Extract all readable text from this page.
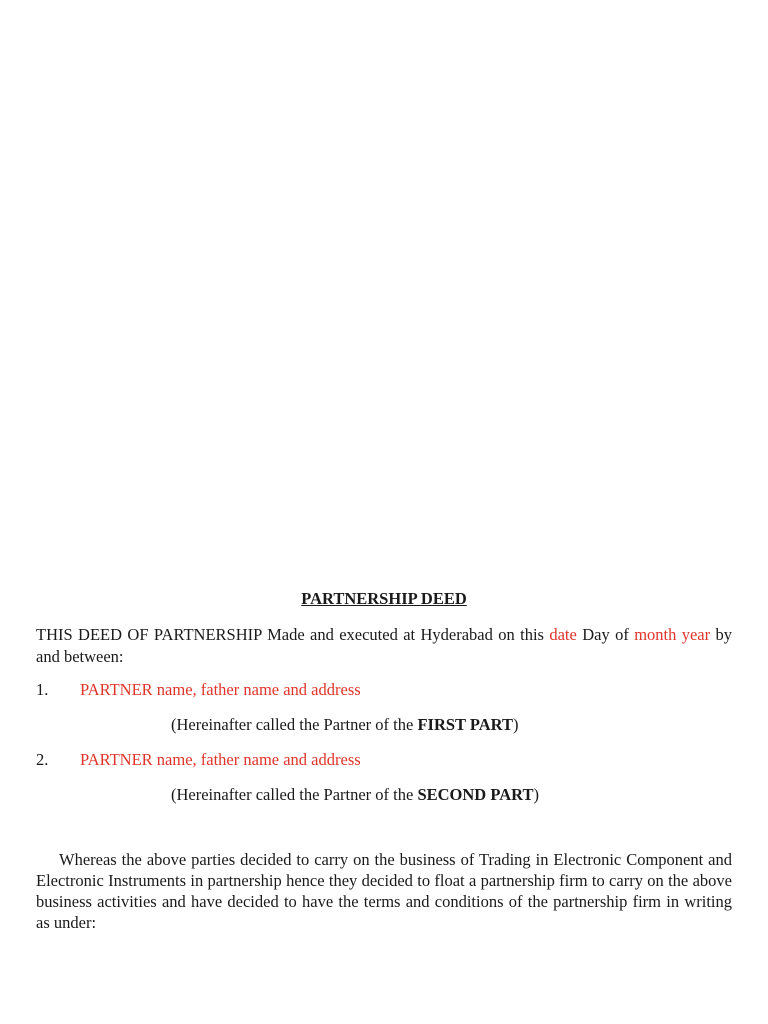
PARTNERSHIP DEED
THIS DEED OF PARTNERSHIP Made and executed at Hyderabad on this date Day of month year by and between:
1. PARTNER name, father name and address
(Hereinafter called the Partner of the FIRST PART)
2. PARTNER name, father name and address
(Hereinafter called the Partner of the SECOND PART)
Whereas the above parties decided to carry on the business of Trading in Electronic Component and Electronic Instruments in partnership hence they decided to float a partnership firm to carry on the above business activities and have decided to have the terms and conditions of the partnership firm in writing as under:
